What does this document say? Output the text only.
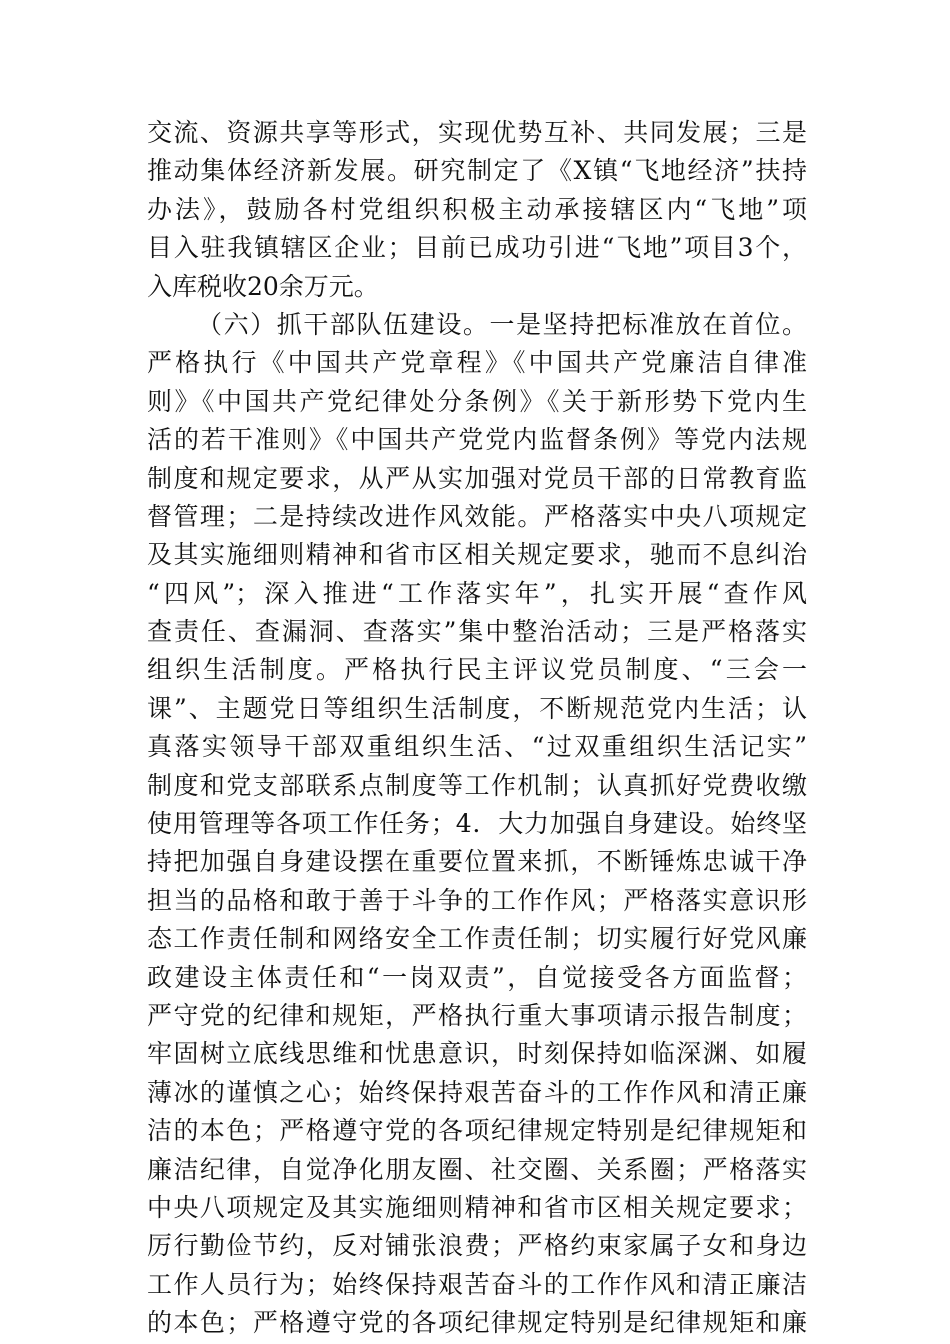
交流、资源共享等形式，实现优势互补、共同发展；三是
推动集体经济新发展。研究制定了《X镇“飞地经济”扶持
办法》，鼓励各村党组织积极主动承接辖区内“飞地”项
目入驻我镇辖区企业；目前已成功引进“飞地”项目3个，
入库税收20余万元。
（六）抓干部队伍建设。一是坚持把标准放在首位。
严格执行《中国共产党章程》《中国共产党廉洁自律准
则》《中国共产党纪律处分条例》《关于新形势下党内生
活的若干准则》《中国共产党党内监督条例》等党内法规
制度和规定要求，从严从实加强对党员干部的日常教育监
督管理；二是持续改进作风效能。严格落实中央八项规定
及其实施细则精神和省市区相关规定要求，驰而不息纠治
“四风”；深入推进“工作落实年”，扎实开展“查作风
查责任、查漏洞、查落实”集中整治活动；三是严格落实
组织生活制度。严格执行民主评议党员制度、“三会一
课”、主题党日等组织生活制度，不断规范党内生活；认
真落实领导干部双重组织生活、“过双重组织生活记实”
制度和党支部联系点制度等工作机制；认真抓好党费收缴
使用管理等各项工作任务；4．大力加强自身建设。始终坚
持把加强自身建设摆在重要位置来抓，不断锤炼忠诚干净
担当的品格和敢于善于斗争的工作作风；严格落实意识形
态工作责任制和网络安全工作责任制；切实履行好党风廉
政建设主体责任和“一岗双责”，自觉接受各方面监督；
严守党的纪律和规矩，严格执行重大事项请示报告制度；
牢固树立底线思维和忧患意识，时刻保持如临深渊、如履
薄冰的谨慎之心；始终保持艰苦奋斗的工作作风和清正廉
洁的本色；严格遵守党的各项纪律规定特别是纪律规矩和
廉洁纪律，自觉净化朋友圈、社交圈、关系圈；严格落实
中央八项规定及其实施细则精神和省市区相关规定要求；
厉行勤俭节约，反对铺张浪费；严格约束家属子女和身边
工作人员行为；始终保持艰苦奋斗的工作作风和清正廉洁
的本色；严格遵守党的各项纪律规定特别是纪律规矩和廉
